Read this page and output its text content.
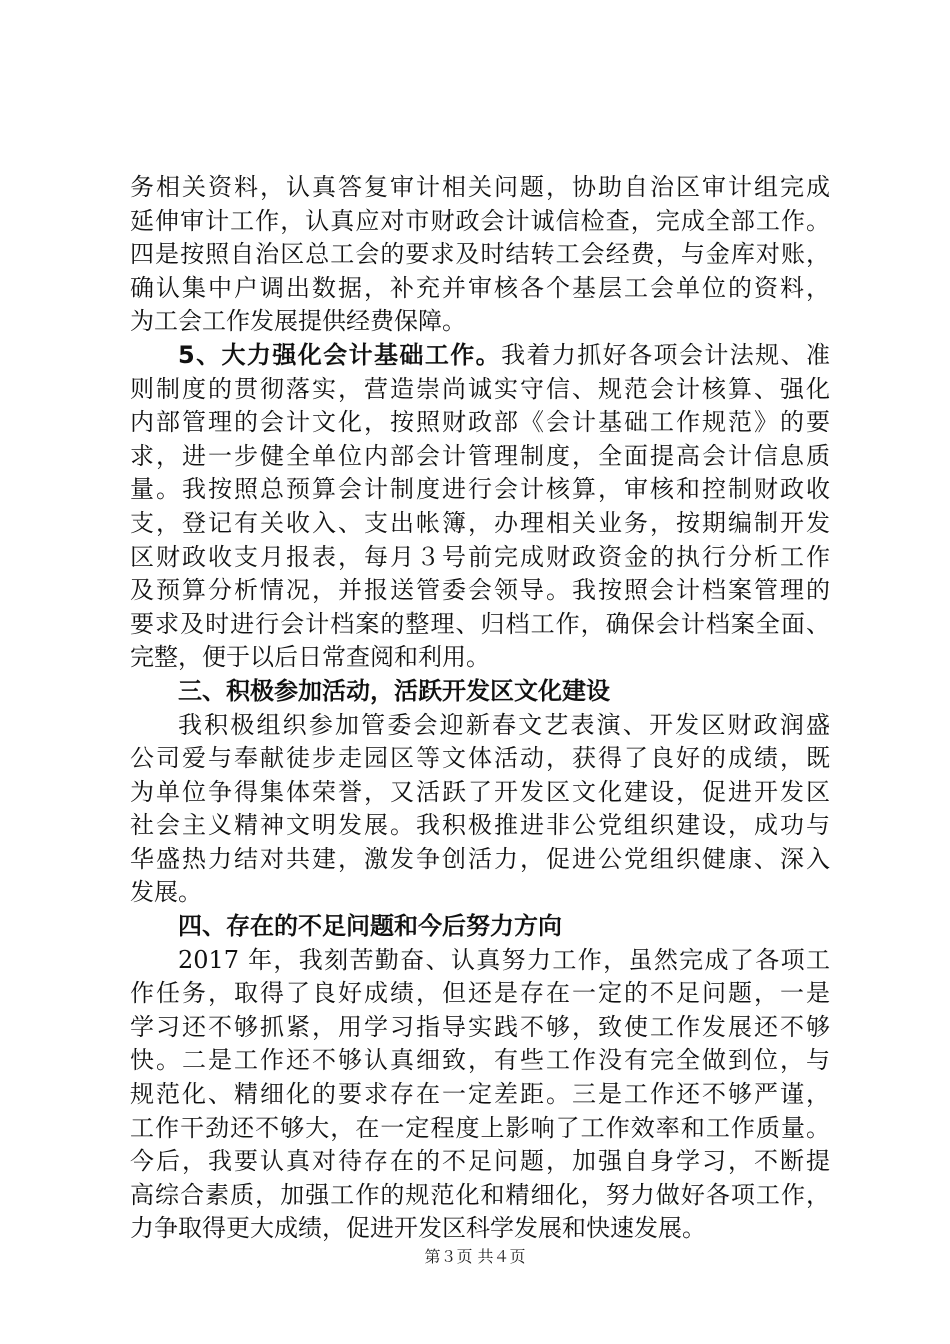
务相关资料，认真答复审计相关问题，协助自治区审计组完成
延伸审计工作，认真应对市财政会计诚信检查，完成全部工作。
四是按照自治区总工会的要求及时结转工会经费，与金库对账，
确认集中户调出数据，补充并审核各个基层工会单位的资料，
为工会工作发展提供经费保障。
5、大力强化会计基础工作。我着力抓好各项会计法规、准
则制度的贯彻落实，营造崇尚诚实守信、规范会计核算、强化
内部管理的会计文化，按照财政部《会计基础工作规范》的要
求，进一步健全单位内部会计管理制度，全面提高会计信息质
量。我按照总预算会计制度进行会计核算，审核和控制财政收
支，登记有关收入、支出帐簿，办理相关业务，按期编制开发
区财政收支月报表，每月３号前完成财政资金的执行分析工作
及预算分析情况，并报送管委会领导。我按照会计档案管理的
要求及时进行会计档案的整理、归档工作，确保会计档案全面、
完整，便于以后日常查阅和利用。
三、积极参加活动，活跃开发区文化建设
我积极组织参加管委会迎新春文艺表演、开发区财政润盛
公司爱与奉献徒步走园区等文体活动，获得了良好的成绩，既
为单位争得集体荣誉，又活跃了开发区文化建设，促进开发区
社会主义精神文明发展。我积极推进非公党组织建设，成功与
华盛热力结对共建，激发争创活力，促进公党组织健康、深入
发展。
四、存在的不足问题和今后努力方向
2017 年，我刻苦勤奋、认真努力工作，虽然完成了各项工
作任务，取得了良好成绩，但还是存在一定的不足问题，一是
学习还不够抓紧，用学习指导实践不够，致使工作发展还不够
快。二是工作还不够认真细致，有些工作没有完全做到位，与
规范化、精细化的要求存在一定差距。三是工作还不够严谨，
工作干劲还不够大，在一定程度上影响了工作效率和工作质量。
今后，我要认真对待存在的不足问题，加强自身学习，不断提
高综合素质，加强工作的规范化和精细化，努力做好各项工作，
力争取得更大成绩，促进开发区科学发展和快速发展。
第３页 共４页
